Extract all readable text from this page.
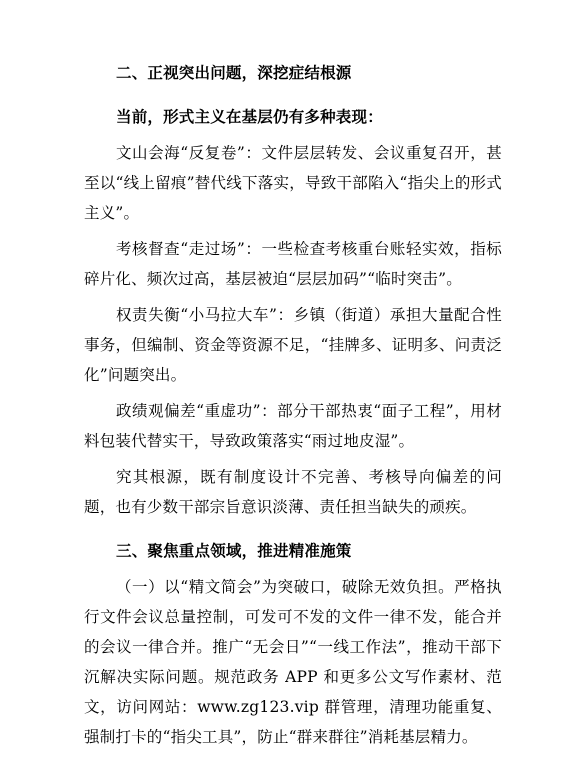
二、正视突出问题，深挖症结根源

当前，形式主义在基层仍有多种表现：

文山会海“反复卷”：文件层层转发、会议重复召开，甚至以“线上留痕”替代线下落实，导致干部陷入“指尖上的形式主义”。

考核督查“走过场”：一些检查考核重台账轻实效，指标碎片化、频次过高，基层被迫“层层加码”“临时突击”。

权责失衡“小马拉大车”：乡镇（街道）承担大量配合性事务，但编制、资金等资源不足，“挂牌多、证明多、问责泛化”问题突出。

政绩观偏差“重虚功”：部分干部热衷“面子工程”，用材料包装代替实干，导致政策落实“雨过地皮湿”。

究其根源，既有制度设计不完善、考核导向偏差的问题，也有少数干部宗旨意识淡薄、责任担当缺失的顽疾。

三、聚焦重点领域，推进精准施策

（一）以“精文简会”为突破口，破除无效负担。严格执行文件会议总量控制，可发可不发的文件一律不发，能合并的会议一律合并。推广“无会日”“一线工作法”，推动干部下沉解决实际问题。规范政务 APP 和更多公文写作素材、范文，访问网站：www.zg123.vip 群管理，清理功能重复、强制打卡的“指尖工具”，防止“群来群往”消耗基层精力。
